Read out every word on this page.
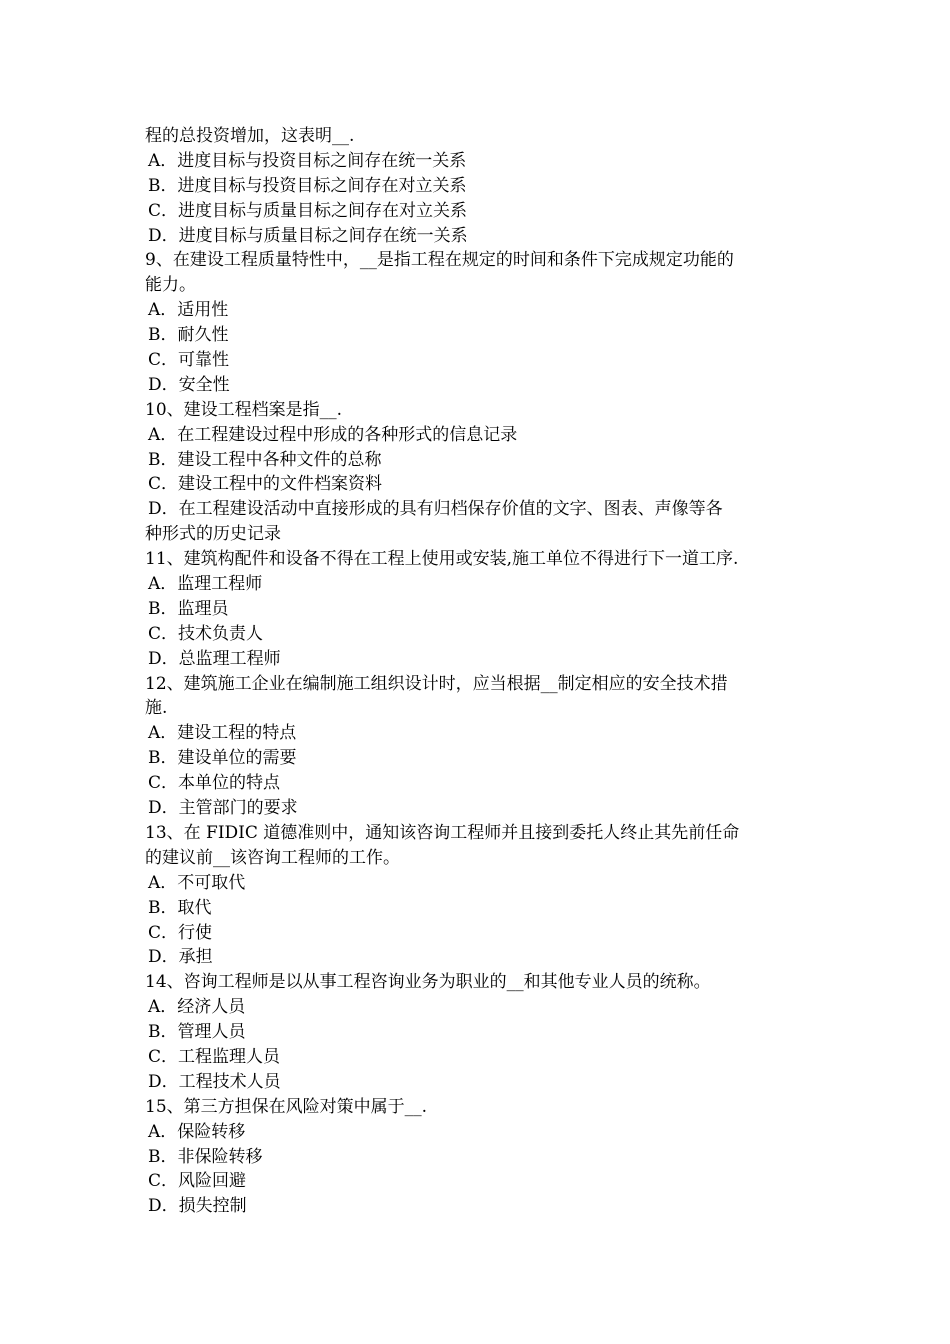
程的总投资增加，这表明__.
A．进度目标与投资目标之间存在统一关系
B．进度目标与投资目标之间存在对立关系
C．进度目标与质量目标之间存在对立关系
D．进度目标与质量目标之间存在统一关系
9、在建设工程质量特性中，__是指工程在规定的时间和条件下完成规定功能的
能力。
A．适用性
B．耐久性
C．可靠性
D．安全性
10、建设工程档案是指__.
A．在工程建设过程中形成的各种形式的信息记录
B．建设工程中各种文件的总称
C．建设工程中的文件档案资料
D．在工程建设活动中直接形成的具有归档保存价值的文字、图表、声像等各
种形式的历史记录
11、建筑构配件和设备不得在工程上使用或安装,施工单位不得进行下一道工序.
A．监理工程师
B．监理员
C．技术负责人
D．总监理工程师
12、建筑施工企业在编制施工组织设计时，应当根据__制定相应的安全技术措
施.
A．建设工程的特点
B．建设单位的需要
C．本单位的特点
D．主管部门的要求
13、在 FIDIC 道德准则中，通知该咨询工程师并且接到委托人终止其先前任命
的建议前__该咨询工程师的工作。
A．不可取代
B．取代
C．行使
D．承担
14、咨询工程师是以从事工程咨询业务为职业的__和其他专业人员的统称。
A．经济人员
B．管理人员
C．工程监理人员
D．工程技术人员
15、第三方担保在风险对策中属于__.
A．保险转移
B．非保险转移
C．风险回避
D．损失控制
